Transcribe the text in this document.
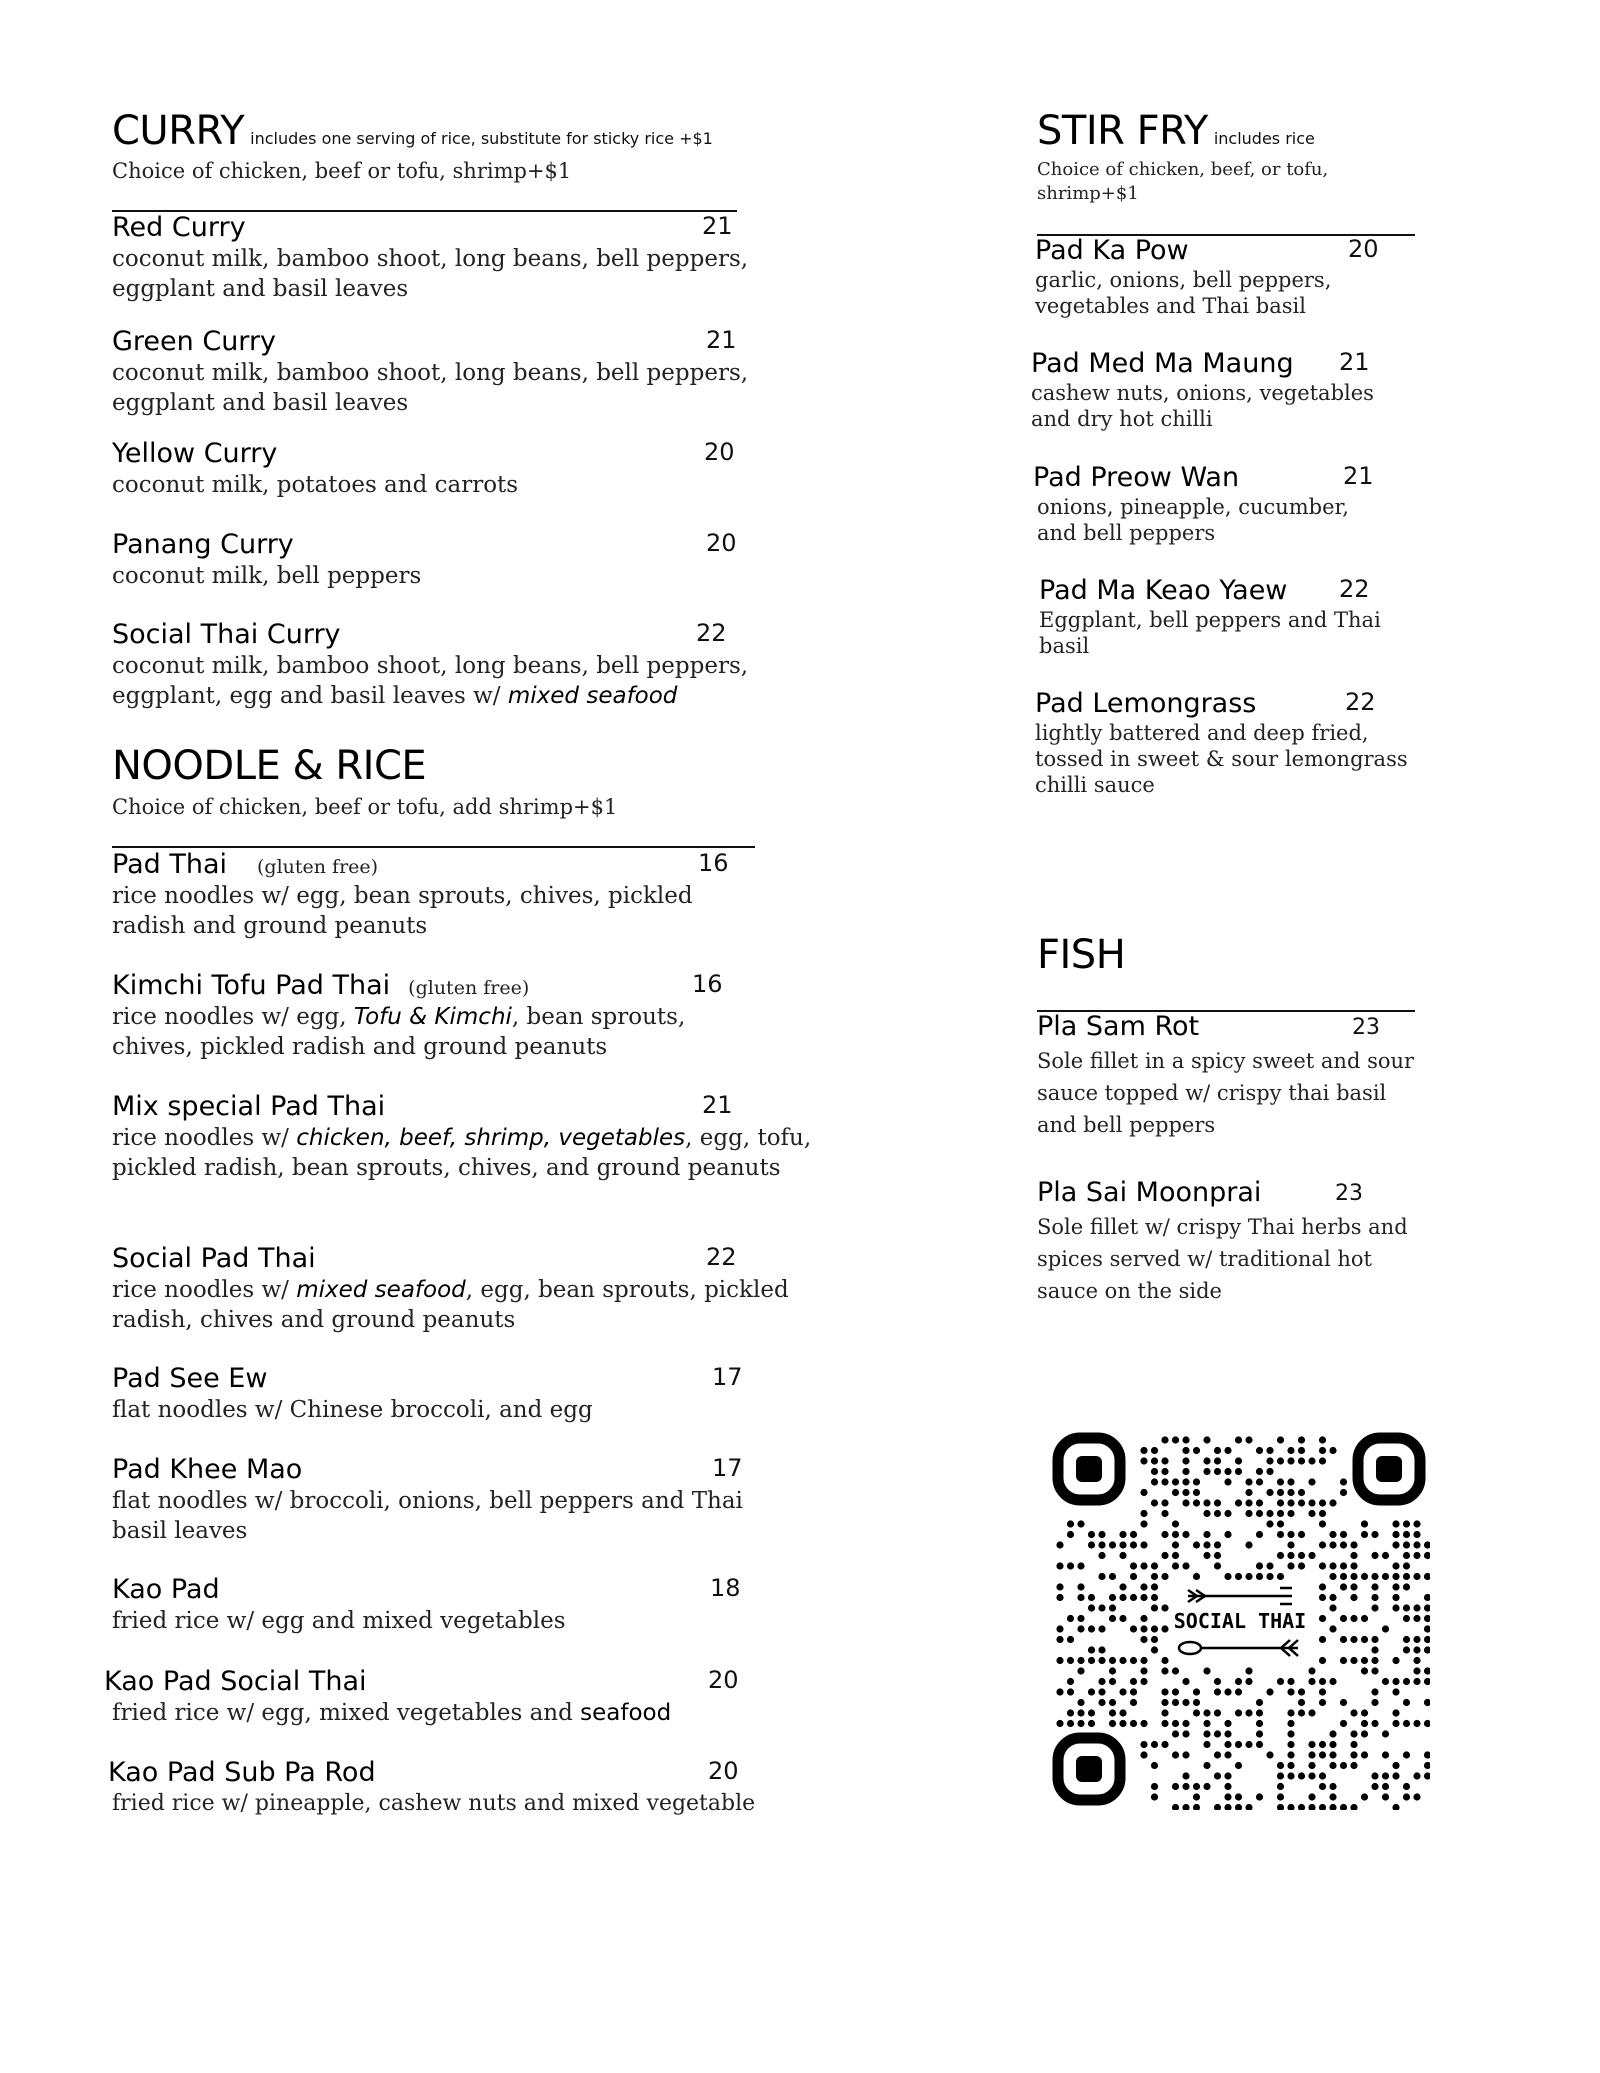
CURRY includes one serving of rice, substitute for sticky rice +$1
Choice of chicken, beef or tofu, shrimp+$1
Red Curry	21
coconut milk, bamboo shoot, long beans, bell peppers, eggplant and basil leaves
Green Curry	21
coconut milk, bamboo shoot, long beans, bell peppers, eggplant and basil leaves
Yellow Curry	20
coconut milk, potatoes and carrots
Panang Curry	20
coconut milk, bell peppers
Social Thai Curry	22
coconut milk, bamboo shoot, long beans, bell peppers, eggplant, egg and basil leaves w/ mixed seafood
NOODLE & RICE
Choice of chicken, beef or tofu, add shrimp+$1
Pad Thai (gluten free)	16
rice noodles w/ egg, bean sprouts, chives, pickled radish and ground peanuts
Kimchi Tofu Pad Thai (gluten free)	16
rice noodles w/ egg, Tofu & Kimchi, bean sprouts, chives, pickled radish and ground peanuts
Mix special Pad Thai	21
rice noodles w/ chicken, beef, shrimp, vegetables, egg, tofu, pickled radish, bean sprouts, chives, and ground peanuts
Social Pad Thai	22
rice noodles w/ mixed seafood, egg, bean sprouts, pickled radish, chives and ground peanuts
Pad See Ew	17
flat noodles w/ Chinese broccoli, and egg
Pad Khee Mao	17
flat noodles w/ broccoli, onions, bell peppers and Thai basil leaves
Kao Pad	18
fried rice w/ egg and mixed vegetables
Kao Pad Social Thai	20
fried rice w/ egg, mixed vegetables and seafood
Kao Pad Sub Pa Rod	20
fried rice w/ pineapple, cashew nuts and mixed vegetable
STIR FRY includes rice
Choice of chicken, beef, or tofu, shrimp+$1
Pad Ka Pow	20
garlic, onions, bell peppers, vegetables and Thai basil
Pad Med Ma Maung 21
cashew nuts, onions, vegetables and dry hot chilli
Pad Preow Wan	21
onions, pineapple, cucumber, and bell peppers
Pad Ma Keao Yaew 22
Eggplant, bell peppers and Thai basil
Pad Lemongrass	22
lightly battered and deep fried, tossed in sweet & sour lemongrass chilli sauce
FISH
Pla Sam Rot	23
Sole fillet in a spicy sweet and sour sauce topped w/ crispy thai basil and bell peppers
Pla Sai Moonprai	23
Sole fillet w/ crispy Thai herbs and spices served w/ traditional hot sauce on the side
SOCIAL THAI
